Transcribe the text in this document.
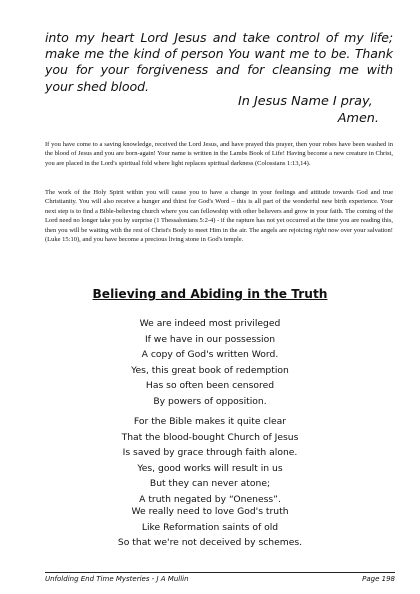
into my heart Lord Jesus and take control of my life; make me the kind of person You want me to be. Thank you for your forgiveness and for cleansing me with your shed blood.

In Jesus Name I pray,
Amen.

If you have come to a saving knowledge, received the Lord Jesus, and have prayed this prayer, then your robes have been washed in the blood of Jesus and you are born-again! Your name is written in the Lambs Book of Life! Having become a new creature in Christ, you are placed in the Lord's spiritual fold where light replaces spiritual darkness (Colossians 1:13,14).

The work of the Holy Spirit within you will cause you to have a change in your feelings and attitude towards God and true Christianity. You will also receive a hunger and thirst for God's Word – this is all part of the wonderful new birth experience. Your next step is to find a Bible-believing church where you can fellowship with other believers and grow in your faith. The coming of the Lord need no longer take you by surprise (1 Thessalonians 5:2-4) - if the rapture has not yet occurred at the time you are reading this, then you will be waiting with the rest of Christ's Body to meet Him in the air. The angels are rejoicing right now over your salvation! (Luke 15:10), and you have become a precious living stone in God's temple.

Believing and Abiding in the Truth
We are indeed most privileged
If we have in our possession
A copy of God's written Word.
Yes, this great book of redemption
Has so often been censored
By powers of opposition.
For the Bible makes it quite clear
That the blood-bought Church of Jesus
Is saved by grace through faith alone.
Yes, good works will result in us
But they can never atone;
A truth negated by “Oneness”.
We really need to love God's truth
Like Reformation saints of old
So that we're not deceived by schemes.
Unfolding End Time Mysteries - J A Mullin	Page 198
